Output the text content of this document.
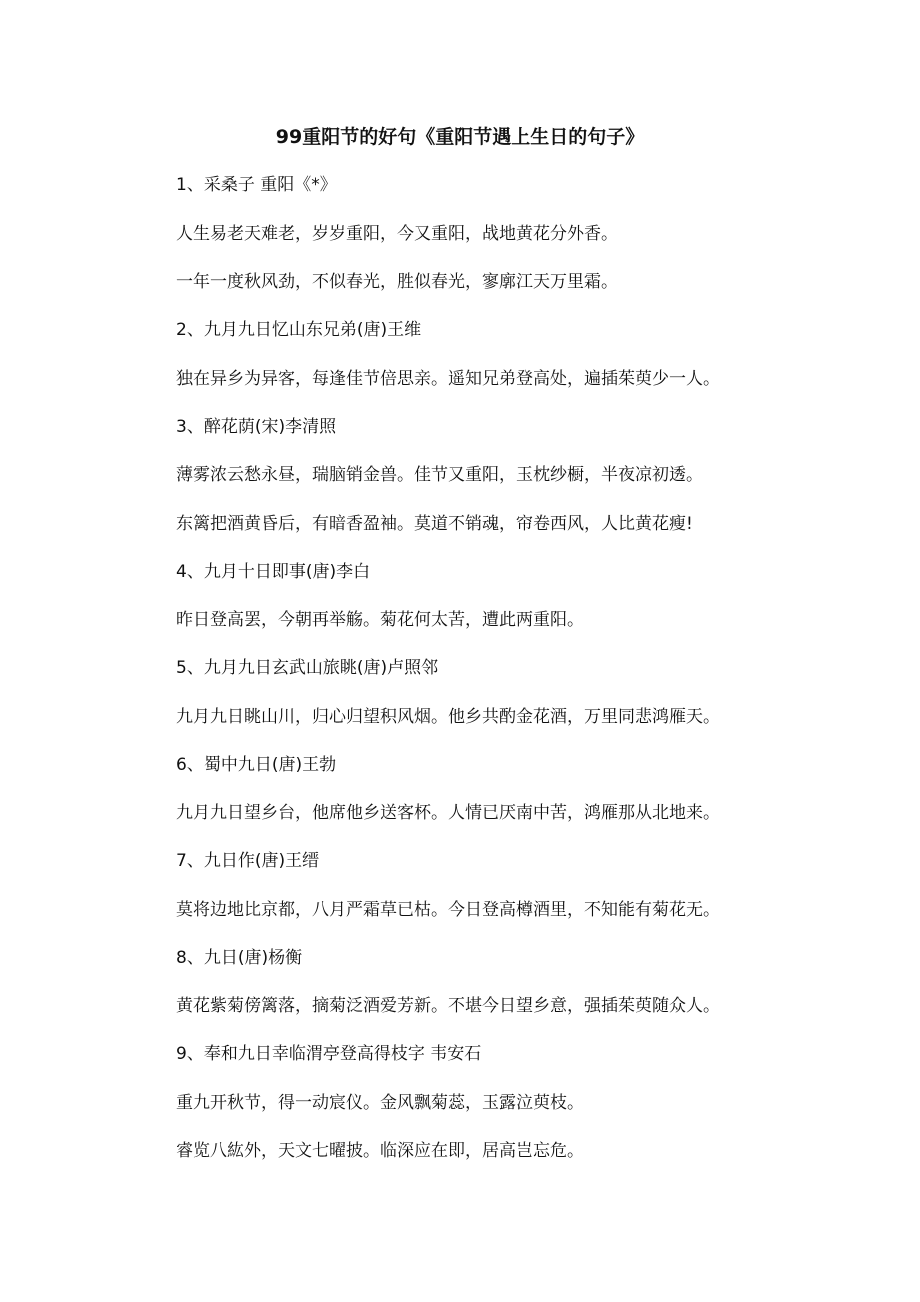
99重阳节的好句《重阳节遇上生日的句子》
1、采桑子 重阳《*》
人生易老天难老，岁岁重阳，今又重阳，战地黄花分外香。
一年一度秋风劲，不似春光，胜似春光，寥廓江天万里霜。
2、九月九日忆山东兄弟(唐)王维
独在异乡为异客，每逢佳节倍思亲。遥知兄弟登高处，遍插茱萸少一人。
3、醉花荫(宋)李清照
薄雾浓云愁永昼，瑞脑销金兽。佳节又重阳，玉枕纱橱，半夜凉初透。
东篱把酒黄昏后，有暗香盈袖。莫道不销魂，帘卷西风，人比黄花瘦!
4、九月十日即事(唐)李白
昨日登高罢，今朝再举觞。菊花何太苦，遭此两重阳。
5、九月九日玄武山旅眺(唐)卢照邻
九月九日眺山川，归心归望积风烟。他乡共酌金花酒，万里同悲鸿雁天。
6、蜀中九日(唐)王勃
九月九日望乡台，他席他乡送客杯。人情已厌南中苦，鸿雁那从北地来。
7、九日作(唐)王缙
莫将边地比京都，八月严霜草已枯。今日登高樽酒里，不知能有菊花无。
8、九日(唐)杨衡
黄花紫菊傍篱落，摘菊泛酒爱芳新。不堪今日望乡意，强插茱萸随众人。
9、奉和九日幸临渭亭登高得枝字 韦安石
重九开秋节，得一动宸仪。金风飘菊蕊，玉露泣萸枝。
睿览八紘外，天文七曜披。临深应在即，居高岂忘危。
